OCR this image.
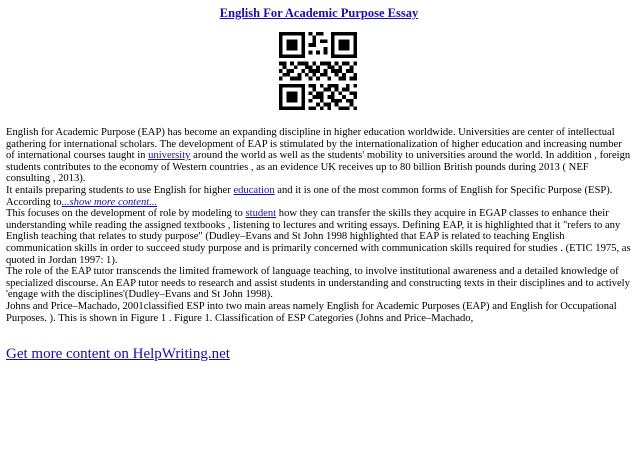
English For Academic Purpose Essay

English for Academic Purpose (EAP) has become an expanding discipline in higher education worldwide. Universities are center of intellectual gathering for international scholars. The development of EAP is stimulated by the internationalization of higher education and increasing number of international courses taught in university around the world as well as the students' mobility to universities around the world. In addition , foreign students contributes to the economy of Western countries , as an evidence UK receives up to 80 billion British pounds during 2013 ( NEF consulting , 2013).

It entails preparing students to use English for higher education and it is one of the most common forms of English for Specific Purpose (ESP).

According to...show more content...

This focuses on the development of role by modeling to student how they can transfer the skills they acquire in EGAP classes to enhance their understanding while reading the assigned textbooks , listening to lectures and writing essays. Defining EAP, it is highlighted that it "refers to any English teaching that relates to study purpose" (Dudley–Evans and St John 1998 highlighted that EAP is related to teaching English communication skills in order to succeed study purpose and is primarily concerned with communication skills required for studies . (ETIC 1975, as quoted in Jordan 1997: 1).

The role of the EAP tutor transcends the limited framework of language teaching, to involve institutional awareness and a detailed knowledge of specialized discourse. An EAP tutor needs to research and assist students in understanding and constructing texts in their disciplines and to actively 'engage with the disciplines'(Dudley–Evans and St John 1998).

Johns and Price–Machado, 2001classified ESP into two main areas namely English for Academic Purposes (EAP) and English for Occupational Purposes. ). This is shown in Figure 1 . Figure 1. Classification of ESP Categories (Johns and Price–Machado,

Get more content on HelpWriting.net
